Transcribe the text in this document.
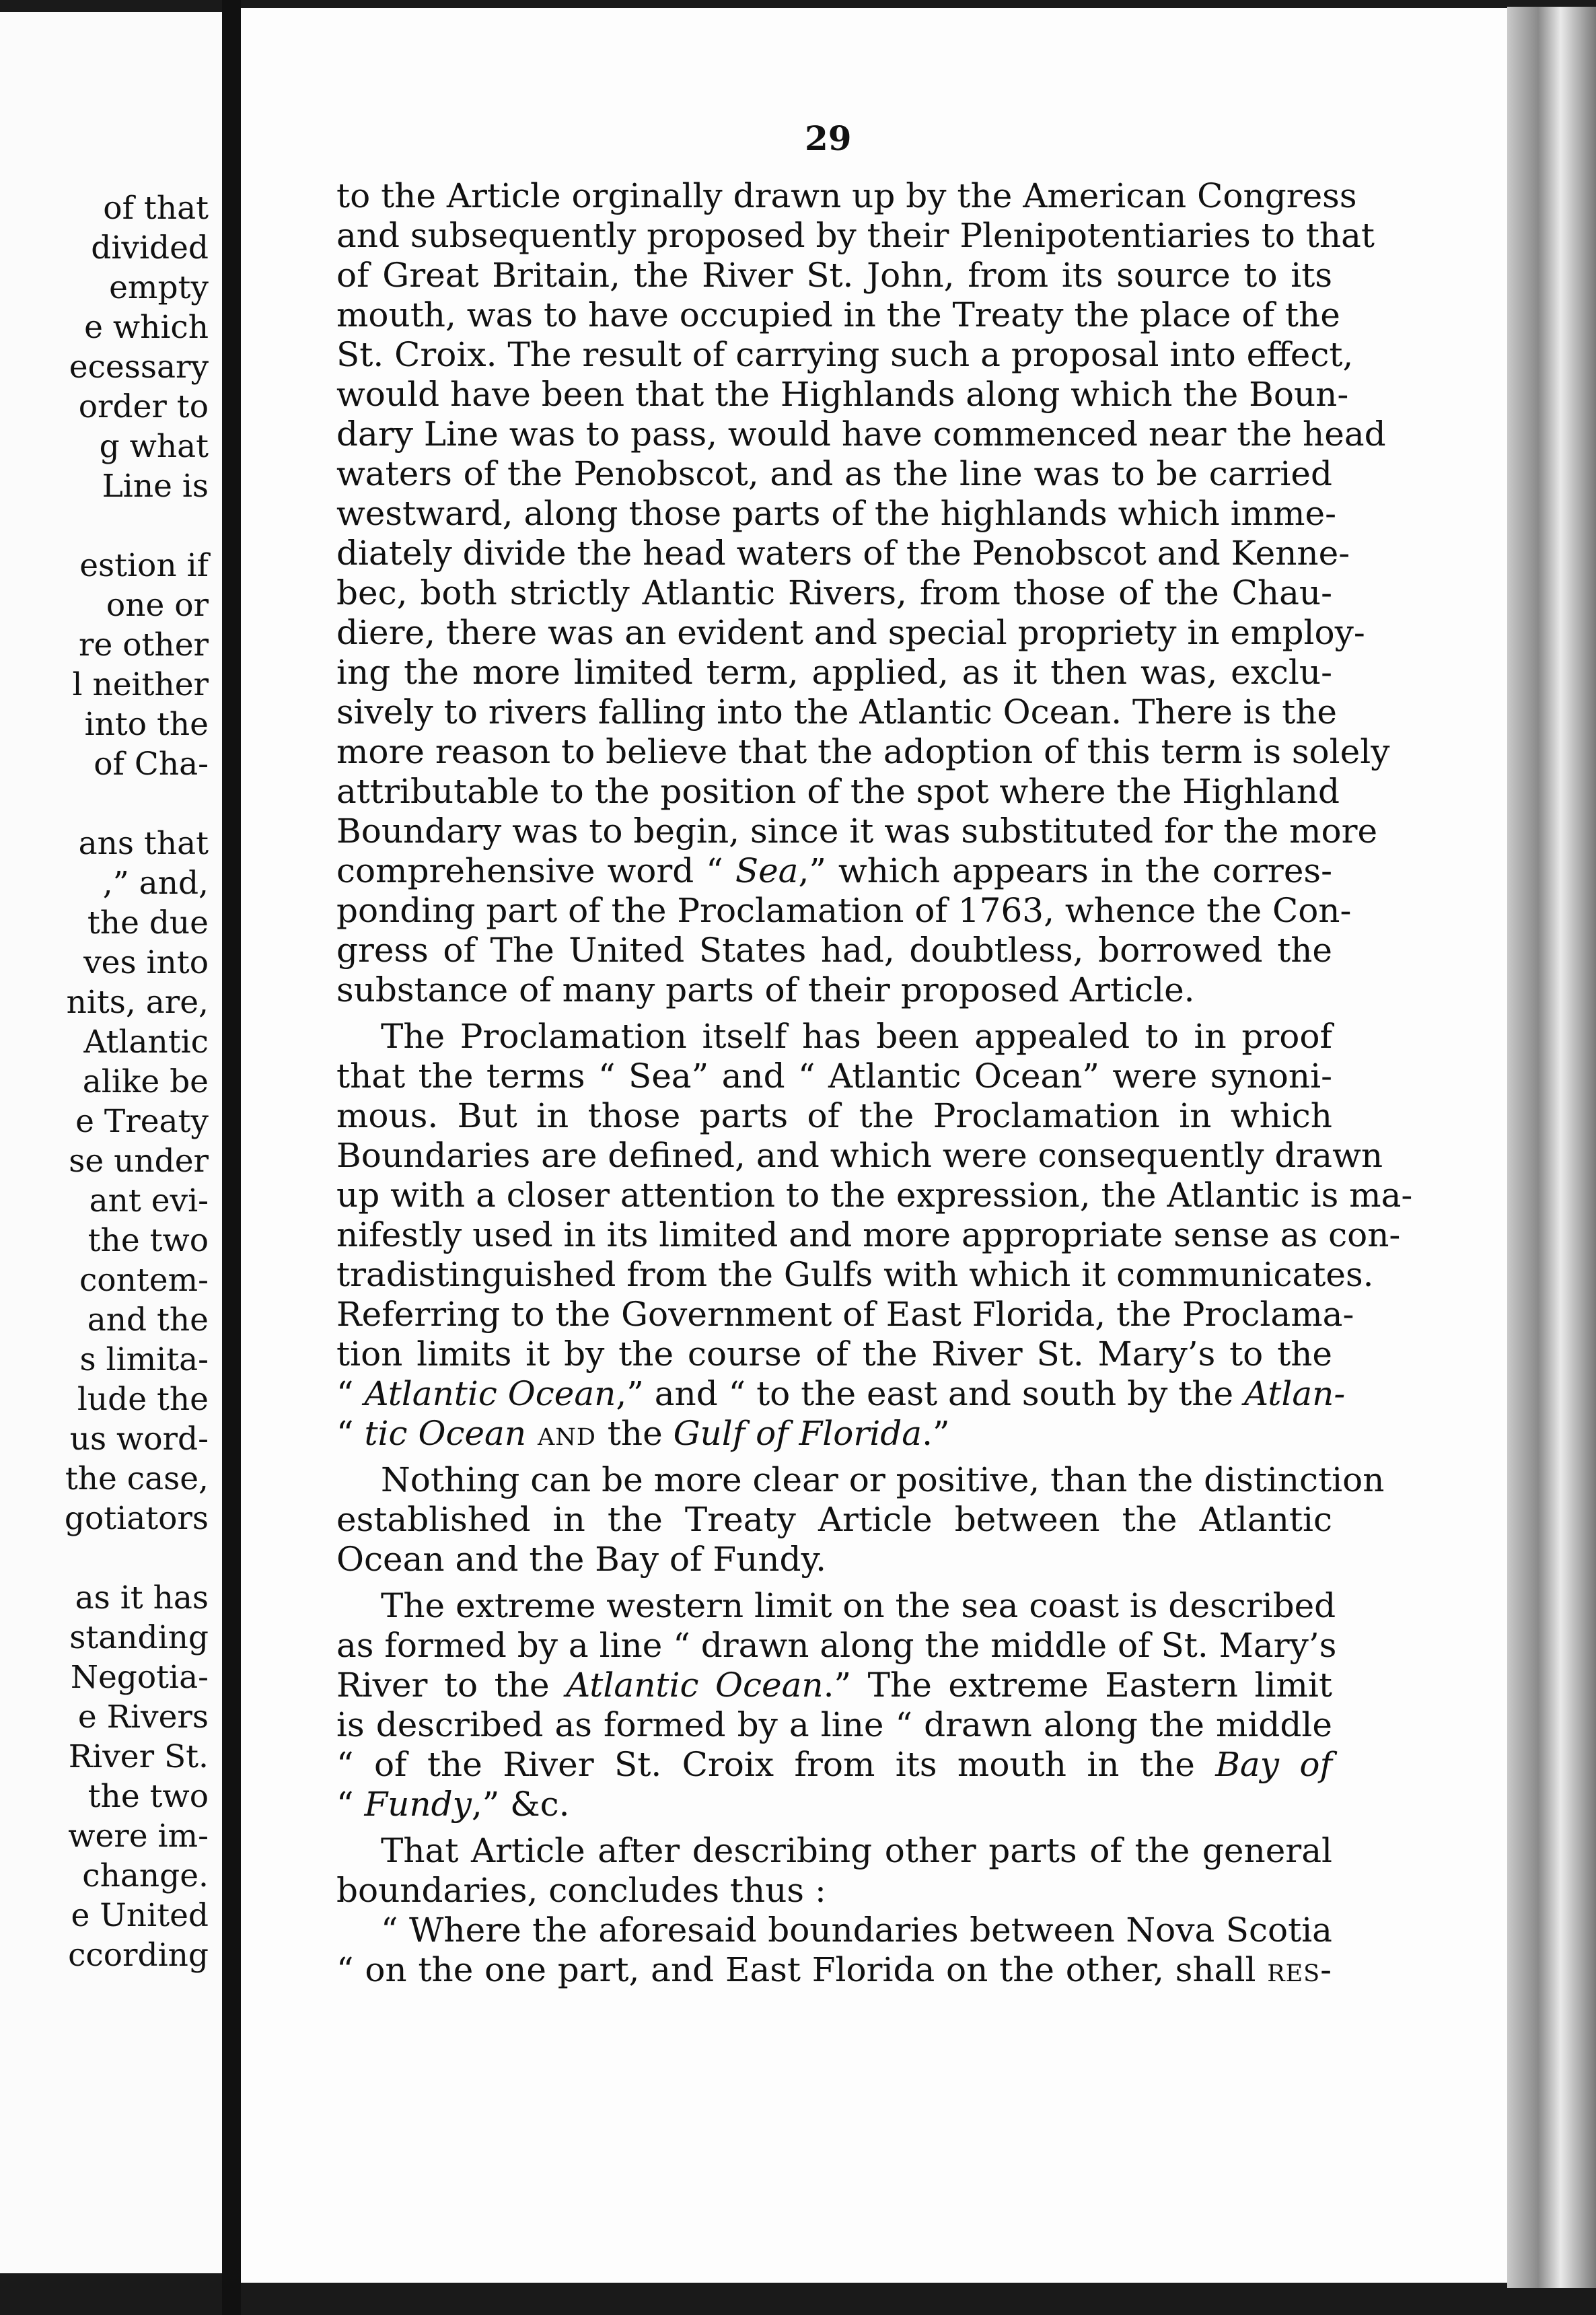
of that
divided
empty
e which
ecessary
order to
g what
Line is
estion if
one or
re other
l neither
into the
of Cha-
ans that
,” and,
the due
ves into
nits, are,
Atlantic
alike be
e Treaty
se under
ant evi-
the two
contem-
and the
s limita-
lude the
us word-
the case,
gotiators
as it has
standing
Negotia-
e Rivers
River St.
the two
were im-
change.
e United
ccording
29
to the Article orginally drawn up by the American Congress
and subsequently proposed by their Plenipotentiaries to that
of Great Britain, the River St. John, from its source to its
mouth, was to have occupied in the Treaty the place of the
St. Croix. The result of carrying such a proposal into effect,
would have been that the Highlands along which the Boun-
dary Line was to pass, would have commenced near the head
waters of the Penobscot, and as the line was to be carried
westward, along those parts of the highlands which imme-
diately divide the head waters of the Penobscot and Kenne-
bec, both strictly Atlantic Rivers, from those of the Chau-
diere, there was an evident and special propriety in employ-
ing the more limited term, applied, as it then was, exclu-
sively to rivers falling into the Atlantic Ocean. There is the
more reason to believe that the adoption of this term is solely
attributable to the position of the spot where the Highland
Boundary was to begin, since it was substituted for the more
comprehensive word “ Sea,” which appears in the corres-
ponding part of the Proclamation of 1763, whence the Con-
gress of The United States had, doubtless, borrowed the
substance of many parts of their proposed Article.
The Proclamation itself has been appealed to in proof
that the terms “ Sea” and “ Atlantic Ocean” were synoni-
mous. But in those parts of the Proclamation in which
Boundaries are defined, and which were consequently drawn
up with a closer attention to the expression, the Atlantic is ma-
nifestly used in its limited and more appropriate sense as con-
tradistinguished from the Gulfs with which it communicates.
Referring to the Government of East Florida, the Proclama-
tion limits it by the course of the River St. Mary’s to the
“ Atlantic Ocean,” and “ to the east and south by the Atlan-
“ tic Ocean and the Gulf of Florida.”
Nothing can be more clear or positive, than the distinction
established in the Treaty Article between the Atlantic
Ocean and the Bay of Fundy.
The extreme western limit on the sea coast is described
as formed by a line “ drawn along the middle of St. Mary’s
River to the Atlantic Ocean.” The extreme Eastern limit
is described as formed by a line “ drawn along the middle
“ of the River St. Croix from its mouth in the Bay of
“ Fundy,” &c.
That Article after describing other parts of the general
boundaries, concludes thus :
“ Where the aforesaid boundaries between Nova Scotia
“ on the one part, and East Florida on the other, shall res-
